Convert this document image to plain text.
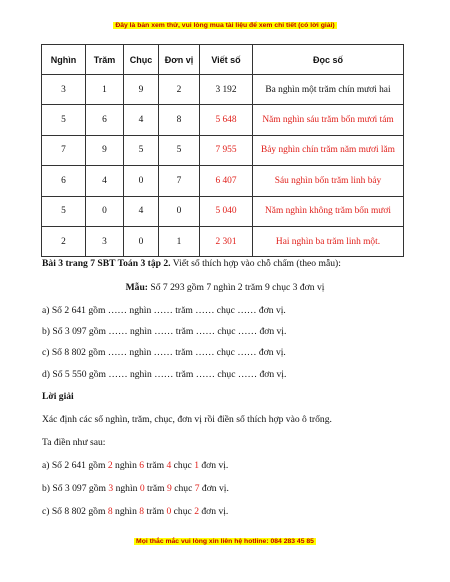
Đây là bản xem thử, vui lòng mua tài liệu để xem chi tiết (có lời giải)
Nghìn	Trăm	Chục	Đơn vị	Viết số	Đọc số
3	1	9	2	3 192	Ba nghìn một trăm chín mươi hai
5	6	4	8	5 648	Năm nghìn sáu trăm bốn mươi tám
7	9	5	5	7 955	Bảy nghìn chín trăm năm mươi lăm
6	4	0	7	6 407	Sáu nghìn bốn trăm linh bảy
5	0	4	0	5 040	Năm nghìn không trăm bốn mươi
2	3	0	1	2 301	Hai nghìn ba trăm linh một.
Bài 3 trang 7 SBT Toán 3 tập 2. Viết số thích hợp vào chỗ chấm (theo mẫu):
Mẫu: Số 7 293 gồm 7 nghìn 2 trăm 9 chục 3 đơn vị
a) Số 2 641 gồm …… nghìn …… trăm …… chục …… đơn vị.
b) Số 3 097 gồm …… nghìn …… trăm …… chục …… đơn vị.
c) Số 8 802 gồm …… nghìn …… trăm …… chục …… đơn vị.
d) Số 5 550 gồm …… nghìn …… trăm …… chục …… đơn vị.
Lời giải
Xác định các số nghìn, trăm, chục, đơn vị rồi điền số thích hợp vào ô trống.
Ta điền như sau:
a) Số 2 641 gồm 2 nghìn 6 trăm 4 chục 1 đơn vị.
b) Số 3 097 gồm 3 nghìn 0 trăm 9 chục 7 đơn vị.
c) Số 8 802 gồm 8 nghìn 8 trăm 0 chục 2 đơn vị.
Mọi thắc mắc vui lòng xin liên hệ hotline: 084 283 45 85
